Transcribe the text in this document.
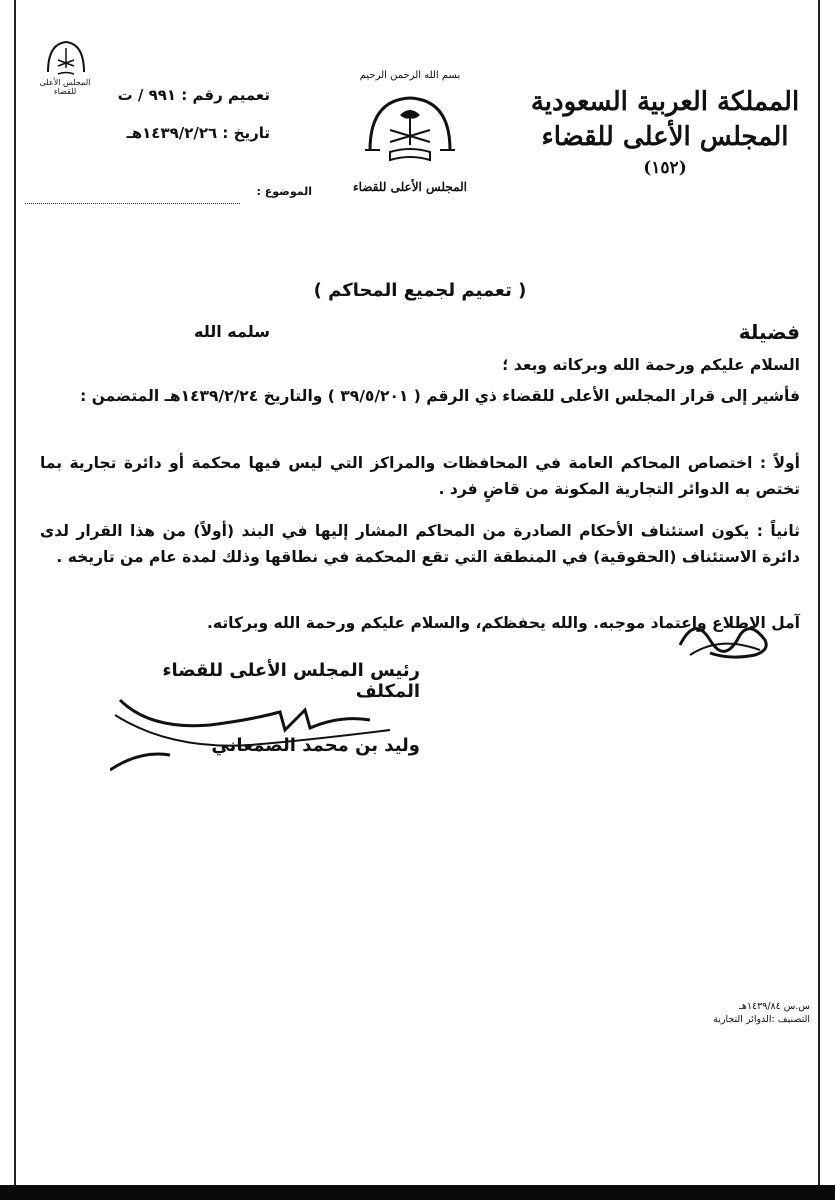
المملكة العربية السعودية
المجلس الأعلى للقضاء
(١٥٢)
بسم الله الرحمن الرحيم
المجلس الأعلى للقضاء
المجلس الأعلى للقضاء	تعميم رقم : ٩٩١ / ت
تاريخ : ١٤٣٩/٢/٢٦هـ
الموضوع :
( تعميم لجميع المحاكم )
فضيلة
سلمه الله
السلام عليكم ورحمة الله وبركاته وبعد ؛
فأشير إلى قرار المجلس الأعلى للقضاء ذي الرقم ( ٣٩/٥/٢٠١ ) والتاريخ ١٤٣٩/٢/٢٤هـ المتضمن :
أولاً : اختصاص المحاكم العامة في المحافظات والمراكز التي ليس فيها محكمة أو دائرة تجارية بما تختص به الدوائر التجارية المكونة من قاضٍ فرد .
ثانياً : يكون استئناف الأحكام الصادرة من المحاكم المشار إليها في البند (أولاً) من هذا القرار لدى دائرة الاستئناف (الحقوقية) في المنطقة التي تقع المحكمة في نطاقها وذلك لمدة عام من تاريخه .
آمل الاطلاع واعتماد موجبه. والله يحفظكم، والسلام عليكم ورحمة الله وبركاته.
رئيس المجلس الأعلى للقضاء المكلف
وليد بن محمد الصمعاني
س.س ١٤٣٩/٨٤هـ
التصنيف :الدوائر التجارية
